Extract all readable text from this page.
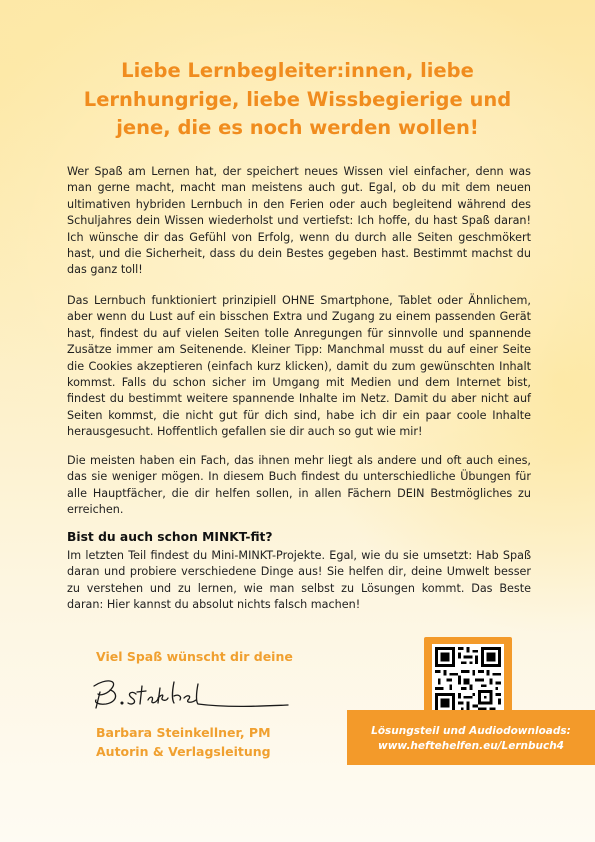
Liebe Lernbegleiter:innen, liebe
Lernhungrige, liebe Wissbegierige und
jene, die es noch werden wollen!

Wer Spaß am Lernen hat, der speichert neues Wissen viel einfacher, denn was man gerne macht, macht man meistens auch gut. Egal, ob du mit dem neuen ultimativen hybriden Lernbuch in den Ferien oder auch begleitend während des Schuljahres dein Wissen wiederholst und vertiefst: Ich hoffe, du hast Spaß daran! Ich wünsche dir das Gefühl von Erfolg, wenn du durch alle Seiten geschmökert hast, und die Sicherheit, dass du dein Bestes gegeben hast. Bestimmt machst du das ganz toll!

Das Lernbuch funktioniert prinzipiell OHNE Smartphone, Tablet oder Ähnlichem, aber wenn du Lust auf ein bisschen Extra und Zugang zu einem passenden Gerät hast, findest du auf vielen Seiten tolle Anregungen für sinnvolle und spannende Zusätze immer am Seitenende. Kleiner Tipp: Manchmal musst du auf einer Seite die Cookies akzeptieren (einfach kurz klicken), damit du zum gewünschten Inhalt kommst. Falls du schon sicher im Umgang mit Medien und dem Internet bist, findest du bestimmt weitere spannende Inhalte im Netz. Damit du aber nicht auf Seiten kommst, die nicht gut für dich sind, habe ich dir ein paar coole Inhalte herausgesucht. Hoffentlich gefallen sie dir auch so gut wie mir!

Die meisten haben ein Fach, das ihnen mehr liegt als andere und oft auch eines, das sie weniger mögen. In diesem Buch findest du unterschiedliche Übungen für alle Hauptfächer, die dir helfen sollen, in allen Fächern DEIN Bestmögliches zu erreichen.

Bist du auch schon MINKT-fit?

Im letzten Teil findest du Mini-MINKT-Projekte. Egal, wie du sie umsetzt: Hab Spaß daran und probiere verschiedene Dinge aus! Sie helfen dir, deine Umwelt besser zu verstehen und zu lernen, wie man selbst zu Lösungen kommt. Das Beste daran: Hier kannst du absolut nichts falsch machen!

Viel Spaß wünscht dir deine
Barbara Steinkellner, PM
Autorin & Verlagsleitung
Lösungsteil und Audiodownloads:
www.heftehelfen.eu/Lernbuch4
